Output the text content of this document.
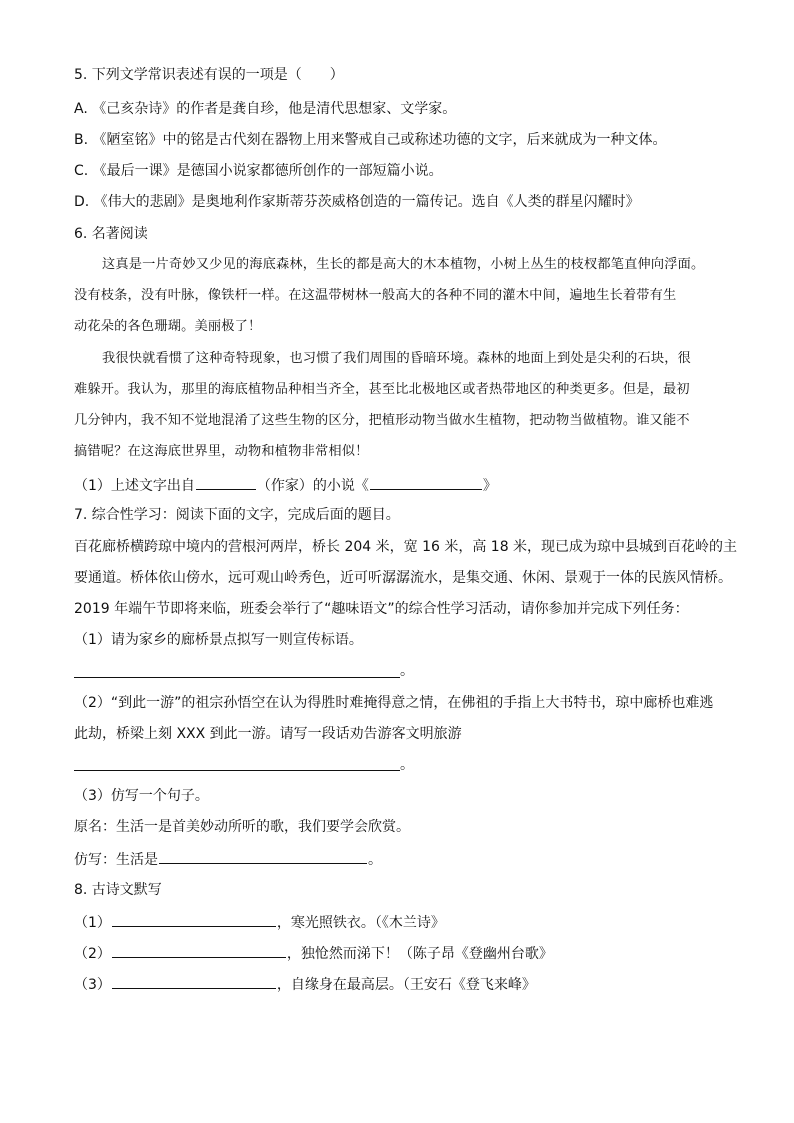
5. 下列文学常识表述有误的一项是（　　）
A. 《己亥杂诗》的作者是龚自珍，他是清代思想家、文学家。
B. 《陋室铭》中的铭是古代刻在器物上用来警戒自己或称述功德的文字，后来就成为一种文体。
C. 《最后一课》是德国小说家都德所创作的一部短篇小说。
D. 《伟大的悲剧》是奥地利作家斯蒂芬茨威格创造的一篇传记。选自《人类的群星闪耀时》
6. 名著阅读
这真是一片奇妙又少见的海底森林，生长的都是高大的木本植物，小树上丛生的枝杈都笔直伸向浮面。
没有枝条，没有叶脉，像铁杆一样。在这温带树林一般高大的各种不同的灌木中间，遍地生长着带有生
动花朵的各色珊瑚。美丽极了！
我很快就看惯了这种奇特现象，也习惯了我们周围的昏暗环境。森林的地面上到处是尖利的石块，很
难躲开。我认为，那里的海底植物品种相当齐全，甚至比北极地区或者热带地区的种类更多。但是，最初
几分钟内，我不知不觉地混淆了这些生物的区分，把植形动物当做水生植物，把动物当做植物。谁又能不
搞错呢？在这海底世界里，动物和植物非常相似！
（1）上述文字出自	（作家）的小说《	》
7. 综合性学习：阅读下面的文字，完成后面的题目。
百花廊桥横跨琼中境内的营根河两岸，桥长 204 米，宽 16 米，高 18 米，现已成为琼中县城到百花岭的主
要通道。桥体依山傍水，远可观山岭秀色，近可听潺潺流水，是集交通、休闲、景观于一体的民族风情桥。
2019 年端午节即将来临，班委会举行了“趣味语文”的综合性学习活动，请你参加并完成下列任务：
（1）请为家乡的廊桥景点拟写一则宣传标语。
。
（2）“到此一游”的祖宗孙悟空在认为得胜时难掩得意之情，在佛祖的手指上大书特书，琼中廊桥也难逃
此劫，桥梁上刻 XXX 到此一游。请写一段话劝告游客文明旅游
。
（3）仿写一个句子。
原名：生活一是首美妙动所听的歌，我们要学会欣赏。
仿写：生活是	。
8. 古诗文默写
（1）	，寒光照铁衣。（《木兰诗》
（2）	，独怆然而涕下！（陈子昂《登幽州台歌》
（3）	，自缘身在最高层。（王安石《登飞来峰》
